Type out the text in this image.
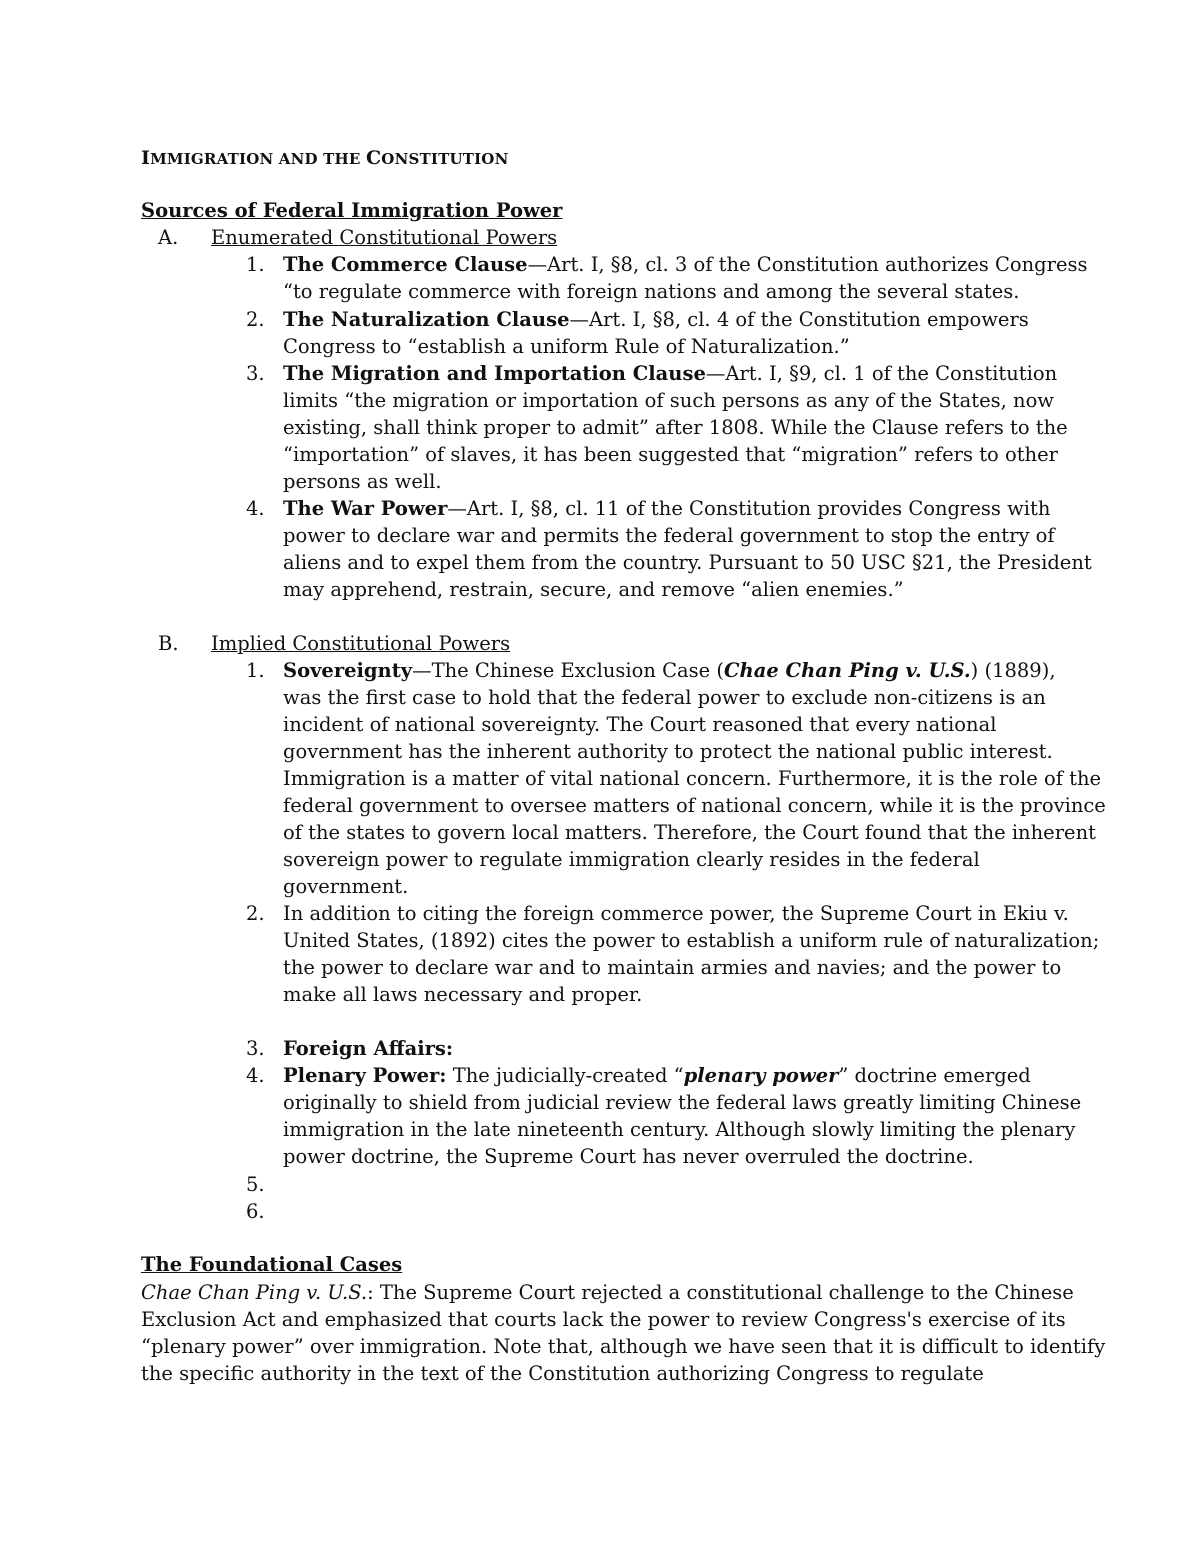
IMMIGRATION AND THE CONSTITUTION
Sources of Federal Immigration Power
A. Enumerated Constitutional Powers
1. The Commerce Clause—Art. I, §8, cl. 3 of the Constitution authorizes Congress
“to regulate commerce with foreign nations and among the several states.
2. The Naturalization Clause—Art. I, §8, cl. 4 of the Constitution empowers
Congress to “establish a uniform Rule of Naturalization.”
3. The Migration and Importation Clause—Art. I, §9, cl. 1 of the Constitution
limits “the migration or importation of such persons as any of the States, now
existing, shall think proper to admit” after 1808. While the Clause refers to the
“importation” of slaves, it has been suggested that “migration” refers to other
persons as well.
4. The War Power—Art. I, §8, cl. 11 of the Constitution provides Congress with
power to declare war and permits the federal government to stop the entry of
aliens and to expel them from the country. Pursuant to 50 USC §21, the President
may apprehend, restrain, secure, and remove “alien enemies.”
B. Implied Constitutional Powers
1. Sovereignty—The Chinese Exclusion Case (Chae Chan Ping v. U.S.) (1889),
was the first case to hold that the federal power to exclude non-citizens is an
incident of national sovereignty. The Court reasoned that every national
government has the inherent authority to protect the national public interest.
Immigration is a matter of vital national concern. Furthermore, it is the role of the
federal government to oversee matters of national concern, while it is the province
of the states to govern local matters. Therefore, the Court found that the inherent
sovereign power to regulate immigration clearly resides in the federal
government.
2. In addition to citing the foreign commerce power, the Supreme Court in Ekiu v.
United States, (1892) cites the power to establish a uniform rule of naturalization;
the power to declare war and to maintain armies and navies; and the power to
make all laws necessary and proper.
3. Foreign Affairs:
4. Plenary Power: The judicially-created “plenary power” doctrine emerged
originally to shield from judicial review the federal laws greatly limiting Chinese
immigration in the late nineteenth century. Although slowly limiting the plenary
power doctrine, the Supreme Court has never overruled the doctrine.
5.
6.
The Foundational Cases
Chae Chan Ping v. U.S.: The Supreme Court rejected a constitutional challenge to the Chinese
Exclusion Act and emphasized that courts lack the power to review Congress's exercise of its
“plenary power” over immigration. Note that, although we have seen that it is difficult to identify
the specific authority in the text of the Constitution authorizing Congress to regulate
